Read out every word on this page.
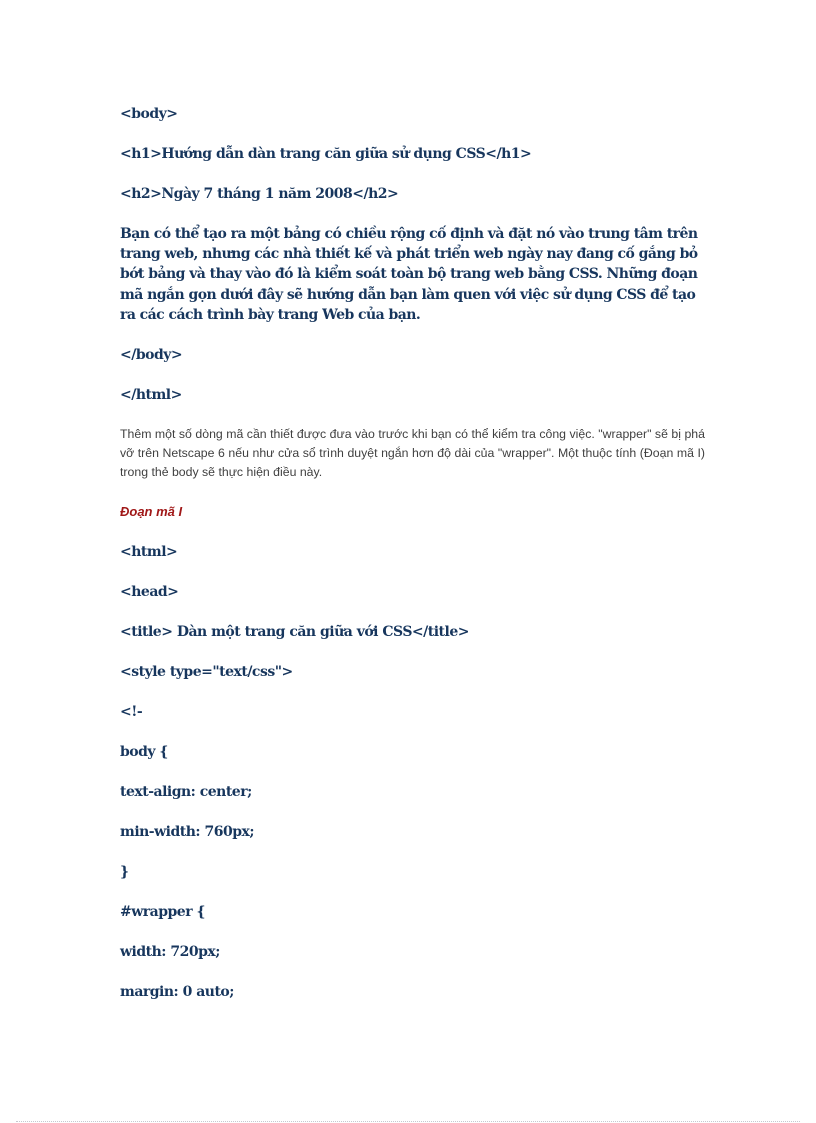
<body>
<h1>Hướng dẫn dàn trang căn giữa sử dụng CSS</h1>
<h2>Ngày 7 tháng 1 năm 2008</h2>

Bạn có thể tạo ra một bảng có chiều rộng cố định và đặt nó vào trung tâm trên trang web, nhưng các nhà thiết kế và phát triển web ngày nay đang cố gắng bỏ bớt bảng và thay vào đó là kiểm soát toàn bộ trang web bằng CSS. Những đoạn mã ngắn gọn dưới đây sẽ hướng dẫn bạn làm quen với việc sử dụng CSS để tạo ra các cách trình bày trang Web của bạn.

</body>
</html>

Thêm một số dòng mã cần thiết được đưa vào trước khi bạn có thể kiểm tra công việc. "wrapper" sẽ bị phá vỡ trên Netscape 6 nếu như cửa sổ trình duyệt ngắn hơn độ dài của "wrapper". Một thuộc tính (Đoạn mã I) trong thẻ body sẽ thực hiện điều này.

Đoạn mã I
<html>
<head>
<title> Dàn một trang căn giữa với CSS</title>
<style type="text/css">
<!-
body {
text-align: center;
min-width: 760px;
}
#wrapper {
width: 720px;
margin: 0 auto;
